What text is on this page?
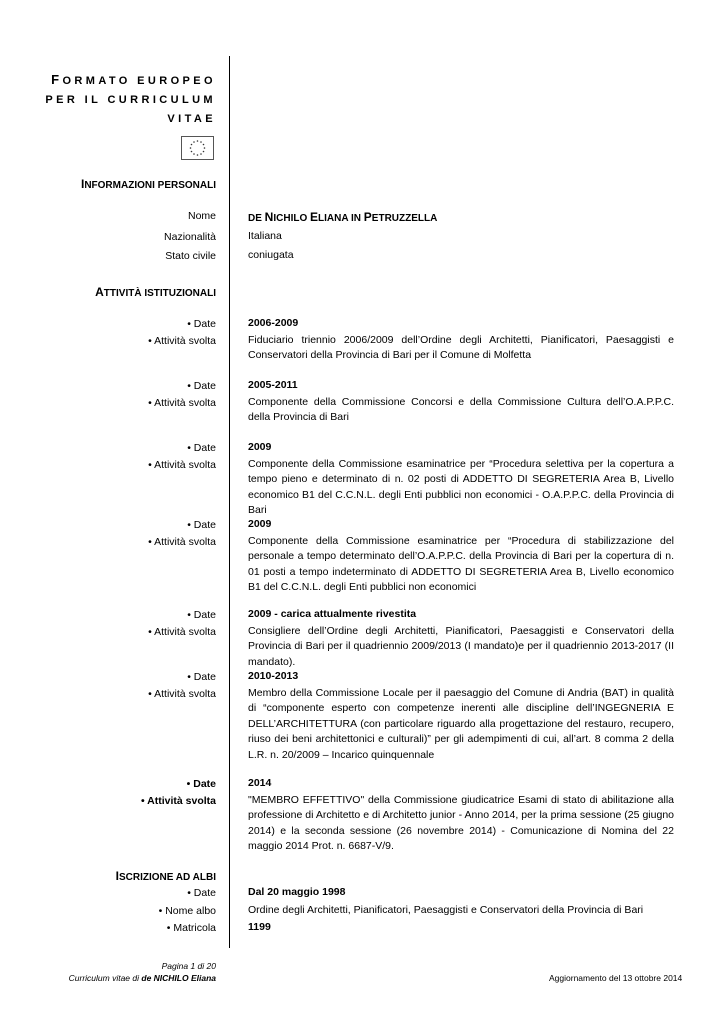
FORMATO EUROPEO
PER IL CURRICULUM
VITAE
INFORMAZIONI PERSONALI
Nome	DE NICHILO ELIANA IN PETRUZZELLA
Nazionalità	Italiana
Stato civile	coniugata
ATTIVITÀ ISTITUZIONALI
• Date	2006-2009
• Attività svolta	Fiduciario triennio 2006/2009 dell’Ordine degli Architetti, Pianificatori, Paesaggisti e Conservatori della Provincia di Bari per il Comune di Molfetta
• Date	2005-2011
• Attività svolta	Componente della Commissione Concorsi e della Commissione Cultura dell’O.A.P.P.C. della Provincia di Bari
• Date	2009
• Attività svolta	Componente della Commissione esaminatrice per “Procedura selettiva per la copertura a tempo pieno e determinato di n. 02 posti di ADDETTO DI SEGRETERIA Area B, Livello economico B1 del C.C.N.L. degli Enti pubblici non economici - O.A.P.P.C. della Provincia di Bari
• Date	2009
• Attività svolta	Componente della Commissione esaminatrice per “Procedura di stabilizzazione del personale a tempo determinato dell’O.A.P.P.C. della Provincia di Bari per la copertura di n. 01 posti a tempo indeterminato di ADDETTO DI SEGRETERIA Area B, Livello economico B1 del C.C.N.L. degli Enti pubblici non economici
• Date	2009 - carica attualmente rivestita
• Attività svolta	Consigliere dell’Ordine degli Architetti, Pianificatori, Paesaggisti e Conservatori della Provincia di Bari per il quadriennio 2009/2013 (I mandato)e per il quadriennio 2013-2017 (II mandato).
• Date	2010-2013
• Attività svolta	Membro della Commissione Locale per il paesaggio del Comune di Andria (BAT) in qualità di “componente esperto con competenze inerenti alle discipline dell’INGEGNERIA E DELL’ARCHITETTURA (con particolare riguardo alla progettazione del restauro, recupero, riuso dei beni architettonici e culturali)” per gli adempimenti di cui, all’art. 8 comma 2 della L.R. n. 20/2009 – Incarico quinquennale
• Date	2014
• Attività svolta	"MEMBRO EFFETTIVO" della Commissione giudicatrice Esami di stato di abilitazione alla professione di Architetto e di Architetto junior - Anno 2014, per la prima sessione (25 giugno 2014) e la seconda sessione (26 novembre 2014) - Comunicazione di Nomina del 22 maggio 2014 Prot. n. 6687-V/9.
ISCRIZIONE AD ALBI
• Date	Dal 20 maggio 1998
• Nome albo	Ordine degli Architetti, Pianificatori, Paesaggisti e Conservatori della Provincia di Bari
• Matricola	1199
Pagina 1 di 20
Curriculum vitae di de NICHILO Eliana	Aggiornamento del 13 ottobre 2014
